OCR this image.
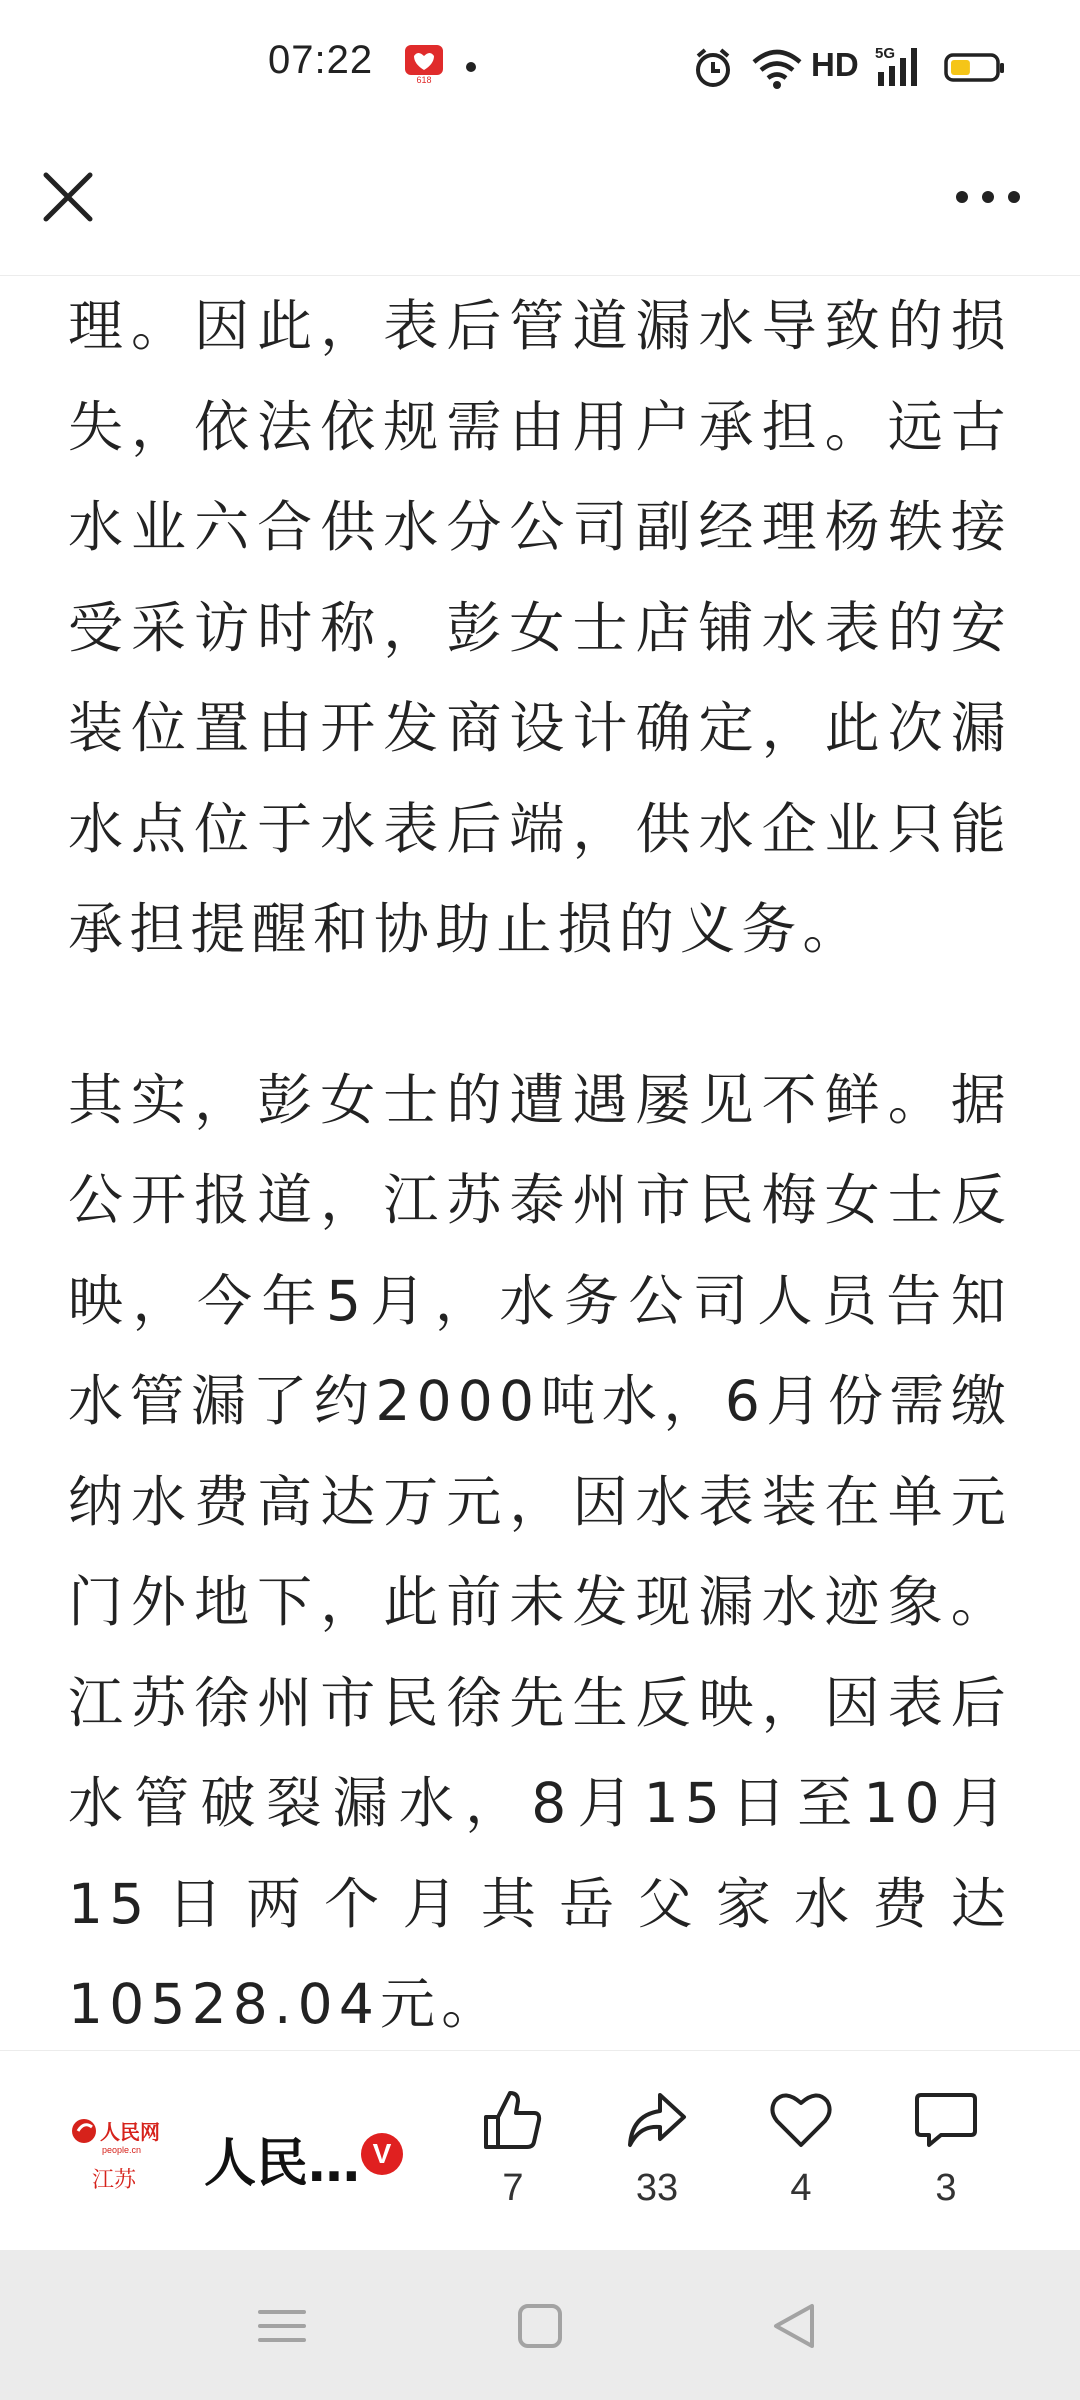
07:22	618	HD 5G

理。因此，表后管道漏水导致的损失，依法依规需由用户承担。远古水业六合供水分公司副经理杨轶接受采访时称，彭女士店铺水表的安装位置由开发商设计确定，此次漏水点位于水表后端，供水企业只能承担提醒和协助止损的义务。

其实，彭女士的遭遇屡见不鲜。据公开报道，江苏泰州市民梅女士反映，今年5月，水务公司人员告知水管漏了约2000吨水，6月份需缴纳水费高达万元，因水表装在单元门外地下，此前未发现漏水迹象。江苏徐州市民徐先生反映，因表后水管破裂漏水，8月15日至10月15日两个月其岳父家水费达10528.04元。

人民网
people.cn
江苏 人民… V
7	33	4	3
